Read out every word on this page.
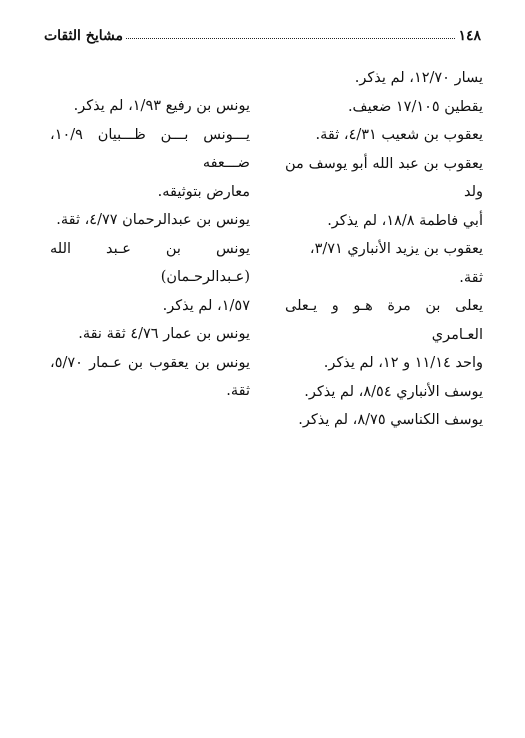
١٤٨
مشايخ الثقات

يسار ١٢/٧٠، لم يذكر.

يقطين ١٧/١٠٥ ضعيف.

يعقوب بن شعيب ٤/٣١، ثقة.

يعقوب بن عبد الله أبو يوسف من ولد

أبي فاطمة ١٨/٨، لم يذكر.

يعقوب بن يزيد الأنباري ٣/٧١، ثقة.

يعلى بن مرة هـو و يـعلى العـامري

واحد ١١/١٤ و ١٢، لم يذكر.

يوسف الأنباري ٨/٥٤، لم يذكر.

يوسف الكناسي ٨/٧٥، لم يذكر.

يونس بن رفيع ١/٩٣، لم يذكر.

يـــونس بـــن ظـــبيان ١٠/٩، ضـــعفه

معارض بتوثيقه.

يونس بن عبدالرحمان ٤/٧٧، ثقة.

يونس بن عـبد الله (عـبدالرحـمان)

١/٥٧، لم يذكر.

يونس بن عمار ٤/٧٦ ثقة نقة.

يونس بن يعقوب بن عـمار ٥/٧٠،

ثقة.
